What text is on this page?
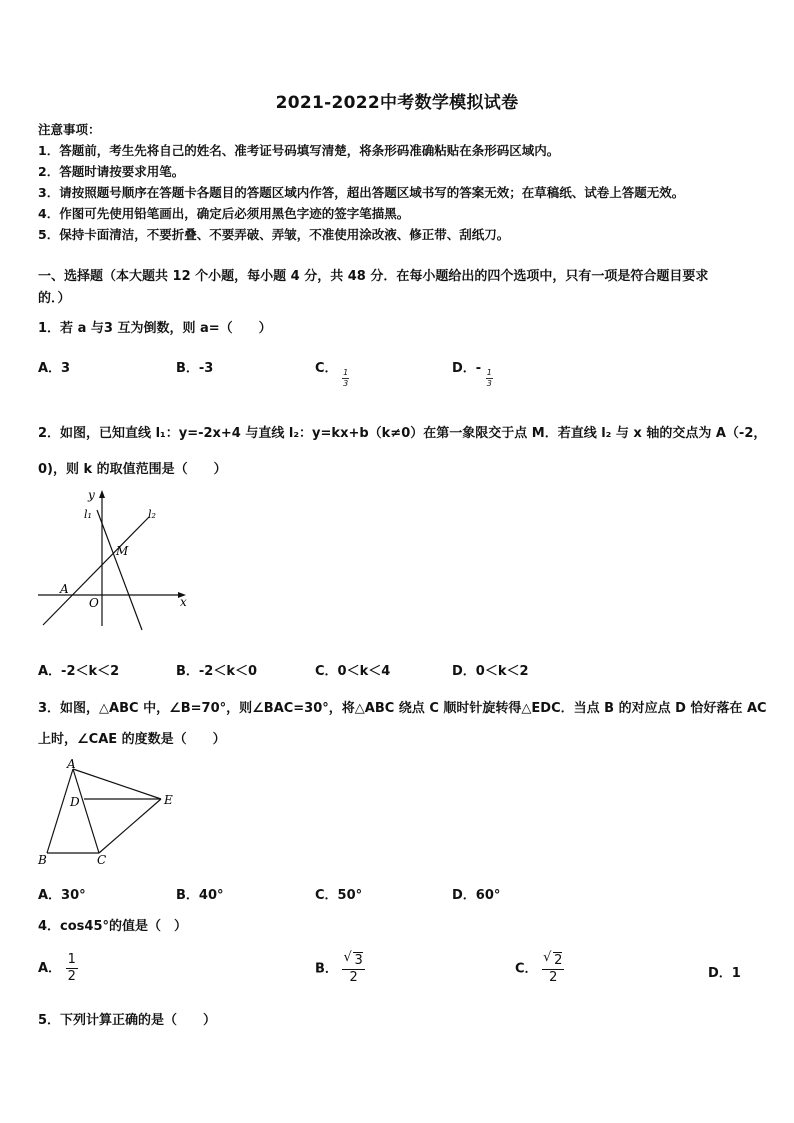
2021-2022中考数学模拟试卷
注意事项：
1．答题前，考生先将自己的姓名、准考证号码填写清楚，将条形码准确粘贴在条形码区域内。
2．答题时请按要求用笔。
3．请按照题号顺序在答题卡各题目的答题区域内作答，超出答题区域书写的答案无效；在草稿纸、试卷上答题无效。
4．作图可先使用铅笔画出，确定后必须用黑色字迹的签字笔描黑。
5．保持卡面清洁，不要折叠、不要弄破、弄皱，不准使用涂改液、修正带、刮纸刀。
一、选择题（本大题共 12 个小题，每小题 4 分，共 48 分．在每小题给出的四个选项中，只有一项是符合题目要求
的．）
1．若 a 与3 互为倒数，则 a=（　　）
A．3	B．-3	C． $\frac{1}{3}$	D．- $\frac{1}{3}$
2．如图，已知直线 l₁：y=-2x+4 与直线 l₂：y=kx+b（k≠0）在第一象限交于点 M．若直线 l₂ 与 x 轴的交点为 A（-2，
0)，则 k 的取值范围是（　　）
y
x
l₁	l₂
M
A
O
A．-2＜k＜2	B．-2＜k＜0	C．0＜k＜4	D．0＜k＜2
3．如图，△ABC 中，∠B=70°，则∠BAC=30°，将△ABC 绕点 C 顺时针旋转得△EDC．当点 B 的对应点 D 恰好落在 AC
上时，∠CAE 的度数是（　　）
A
B	C
D	E
A．30°	B．40°	C．50°	D．60°
4．cos45°的值是（　）
A． $\frac{1}{2}$	B． √ $\frac{3}{2}$	C． √ $\frac{2}{2}$	D．1
5．下列计算正确的是（　　）
